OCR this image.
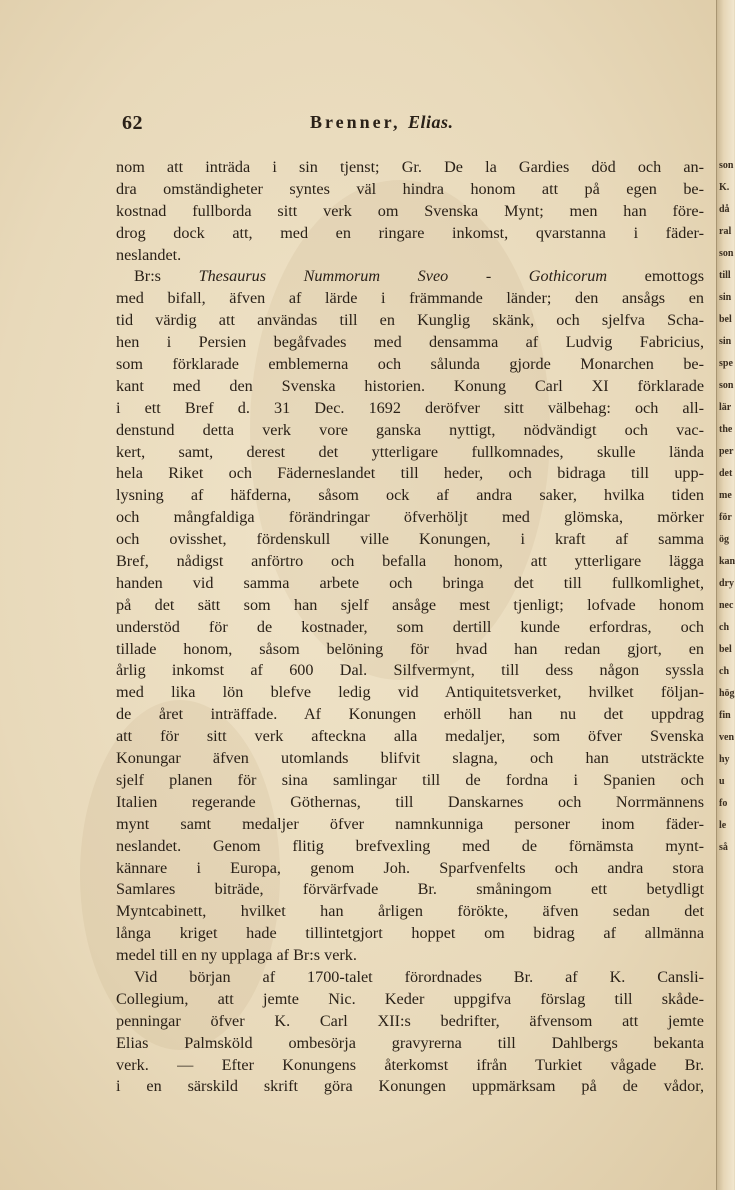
62	Brenner, Elias.
nom att inträda i sin tjenst; Gr. De la Gardies död och an-
dra omständigheter syntes väl hindra honom att på egen be-
kostnad fullborda sitt verk om Svenska Mynt; men han före-
drog dock att, med en ringare inkomst, qvarstanna i fäder-
neslandet.
Br:s Thesaurus Nummorum Sveo - Gothicorum emottogs
med bifall, äfven af lärde i främmande länder; den ansågs en
tid värdig att användas till en Kunglig skänk, och sjelfva Scha-
hen i Persien begåfvades med densamma af Ludvig Fabricius,
som förklarade emblemerna och sålunda gjorde Monarchen be-
kant med den Svenska historien. Konung Carl XI förklarade
i ett Bref d. 31 Dec. 1692 deröfver sitt välbehag: och all-
denstund detta verk vore ganska nyttigt, nödvändigt och vac-
kert, samt, derest det ytterligare fullkomnades, skulle lända
hela Riket och Fäderneslandet till heder, och bidraga till upp-
lysning af häfderna, såsom ock af andra saker, hvilka tiden
och mångfaldiga förändringar öfverhöljt med glömska, mörker
och ovisshet, fördenskull ville Konungen, i kraft af samma
Bref, nådigst anförtro och befalla honom, att ytterligare lägga
handen vid samma arbete och bringa det till fullkomlighet,
på det sätt som han sjelf ansåge mest tjenligt; lofvade honom
understöd för de kostnader, som dertill kunde erfordras, och
tillade honom, såsom belöning för hvad han redan gjort, en
årlig inkomst af 600 Dal. Silfvermynt, till dess någon syssla
med lika lön blefve ledig vid Antiquitetsverket, hvilket följan-
de året inträffade. Af Konungen erhöll han nu det uppdrag
att för sitt verk afteckna alla medaljer, som öfver Svenska
Konungar äfven utomlands blifvit slagna, och han utsträckte
sjelf planen för sina samlingar till de fordna i Spanien och
Italien regerande Göthernas, till Danskarnes och Norrmännens
mynt samt medaljer öfver namnkunniga personer inom fäder-
neslandet. Genom flitig brefvexling med de förnämsta mynt-
kännare i Europa, genom Joh. Sparfvenfelts och andra stora
Samlares biträde, förvärfvade Br. småningom ett betydligt
Myntcabinett, hvilket han årligen förökte, äfven sedan det
långa kriget hade tillintetgjort hoppet om bidrag af allmänna
medel till en ny upplaga af Br:s verk.
Vid början af 1700-talet förordnades Br. af K. Cansli-
Collegium, att jemte Nic. Keder uppgifva förslag till skåde-
penningar öfver K. Carl XII:s bedrifter, äfvensom att jemte
Elias Palmsköld ombesörja gravyrerna till Dahlbergs bekanta
verk. — Efter Konungens återkomst ifrån Turkiet vågade Br.
i en särskild skrift göra Konungen uppmärksam på de vådor,
son
K.
då
ral
son
till
sin
bel
sin
spe
son
lär
the
per
det
me
för
ög
kan
dry
nec
ch
bel
ch
hög
fin
ven
hy
u
fo
le
så
